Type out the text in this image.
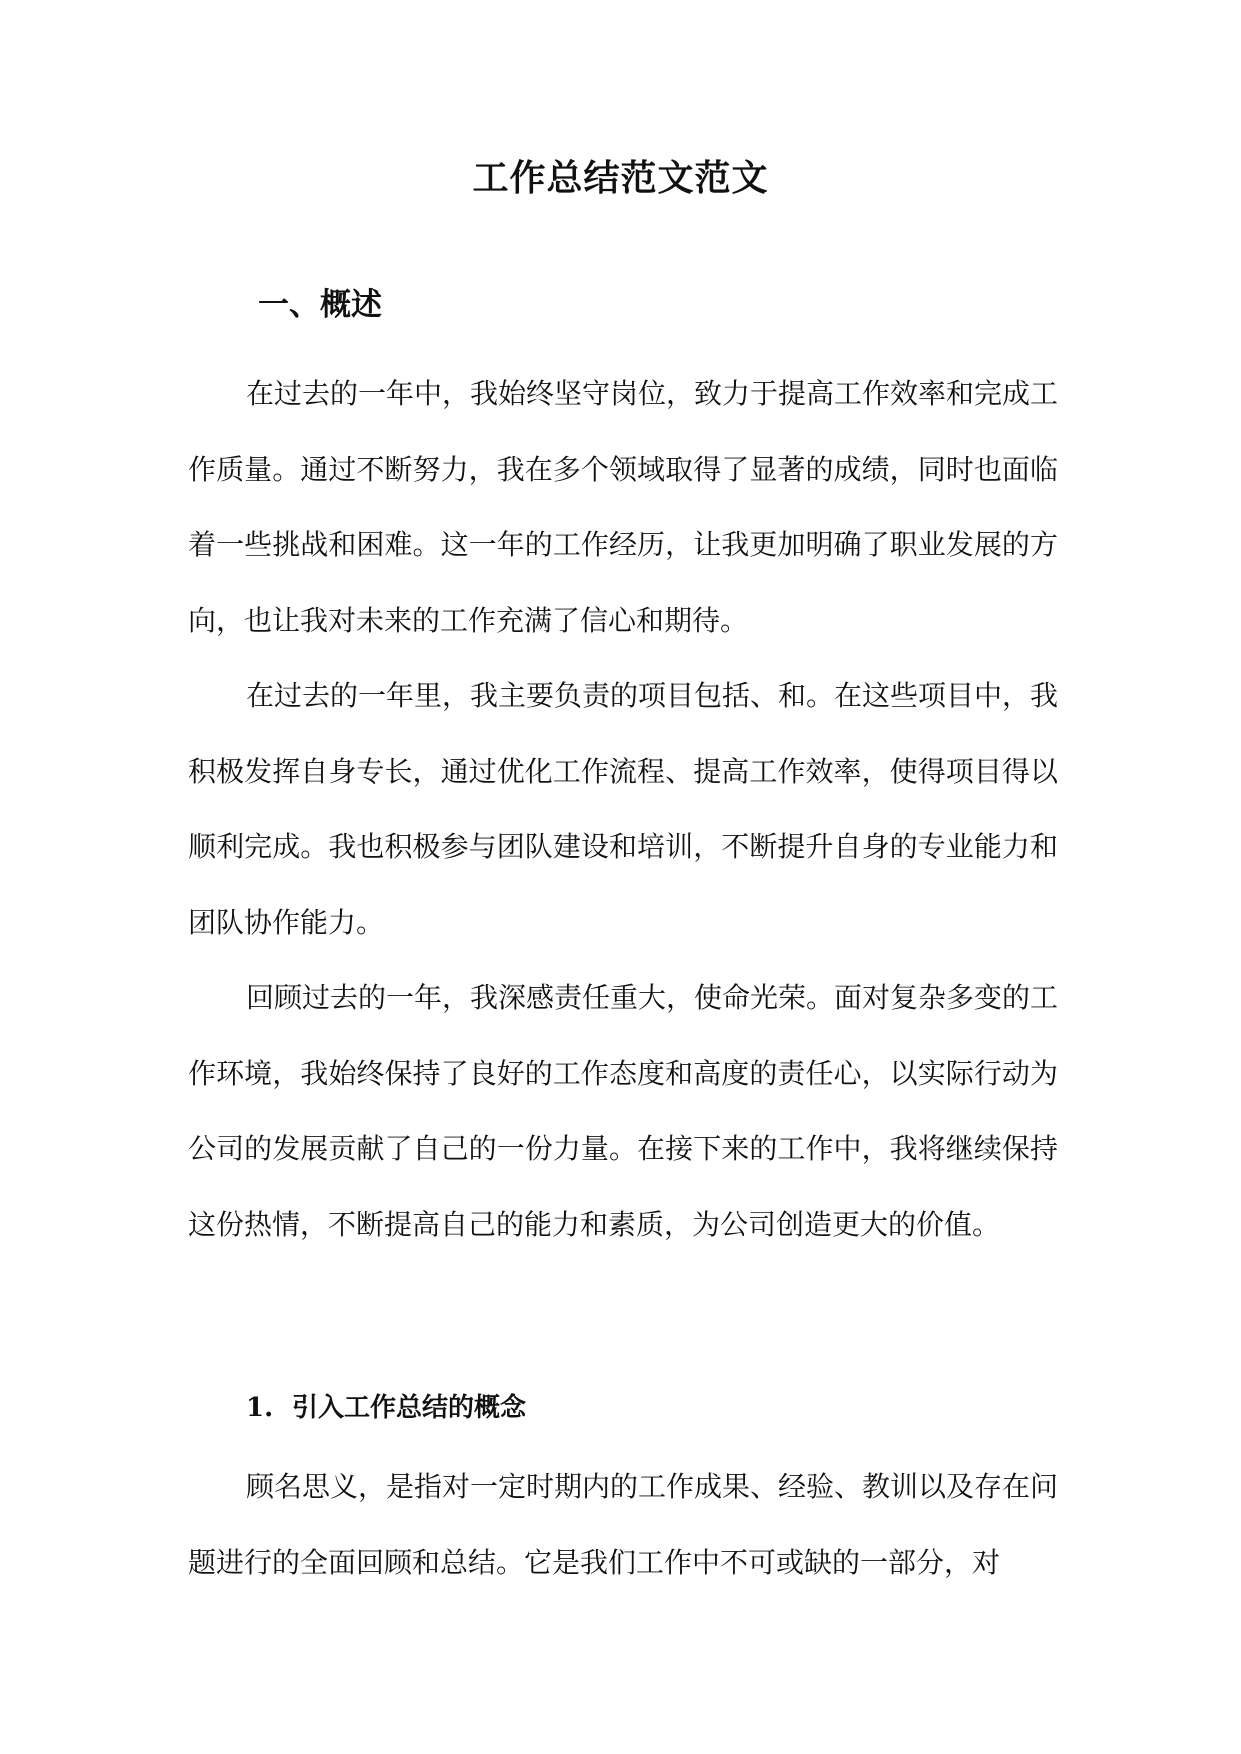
工作总结范文范文
一、概述

在过去的一年中，我始终坚守岗位，致力于提高工作效率和完成工作质量。通过不断努力，我在多个领域取得了显著的成绩，同时也面临着一些挑战和困难。这一年的工作经历，让我更加明确了职业发展的方向，也让我对未来的工作充满了信心和期待。

在过去的一年里，我主要负责的项目包括、和。在这些项目中，我积极发挥自身专长，通过优化工作流程、提高工作效率，使得项目得以顺利完成。我也积极参与团队建设和培训，不断提升自身的专业能力和团队协作能力。

回顾过去的一年，我深感责任重大，使命光荣。面对复杂多变的工作环境，我始终保持了良好的工作态度和高度的责任心，以实际行动为公司的发展贡献了自己的一份力量。在接下来的工作中，我将继续保持这份热情，不断提高自己的能力和素质，为公司创造更大的价值。

1. 引入工作总结的概念

顾名思义，是指对一定时期内的工作成果、经验、教训以及存在问题进行的全面回顾和总结。它是我们工作中不可或缺的一部分，对
